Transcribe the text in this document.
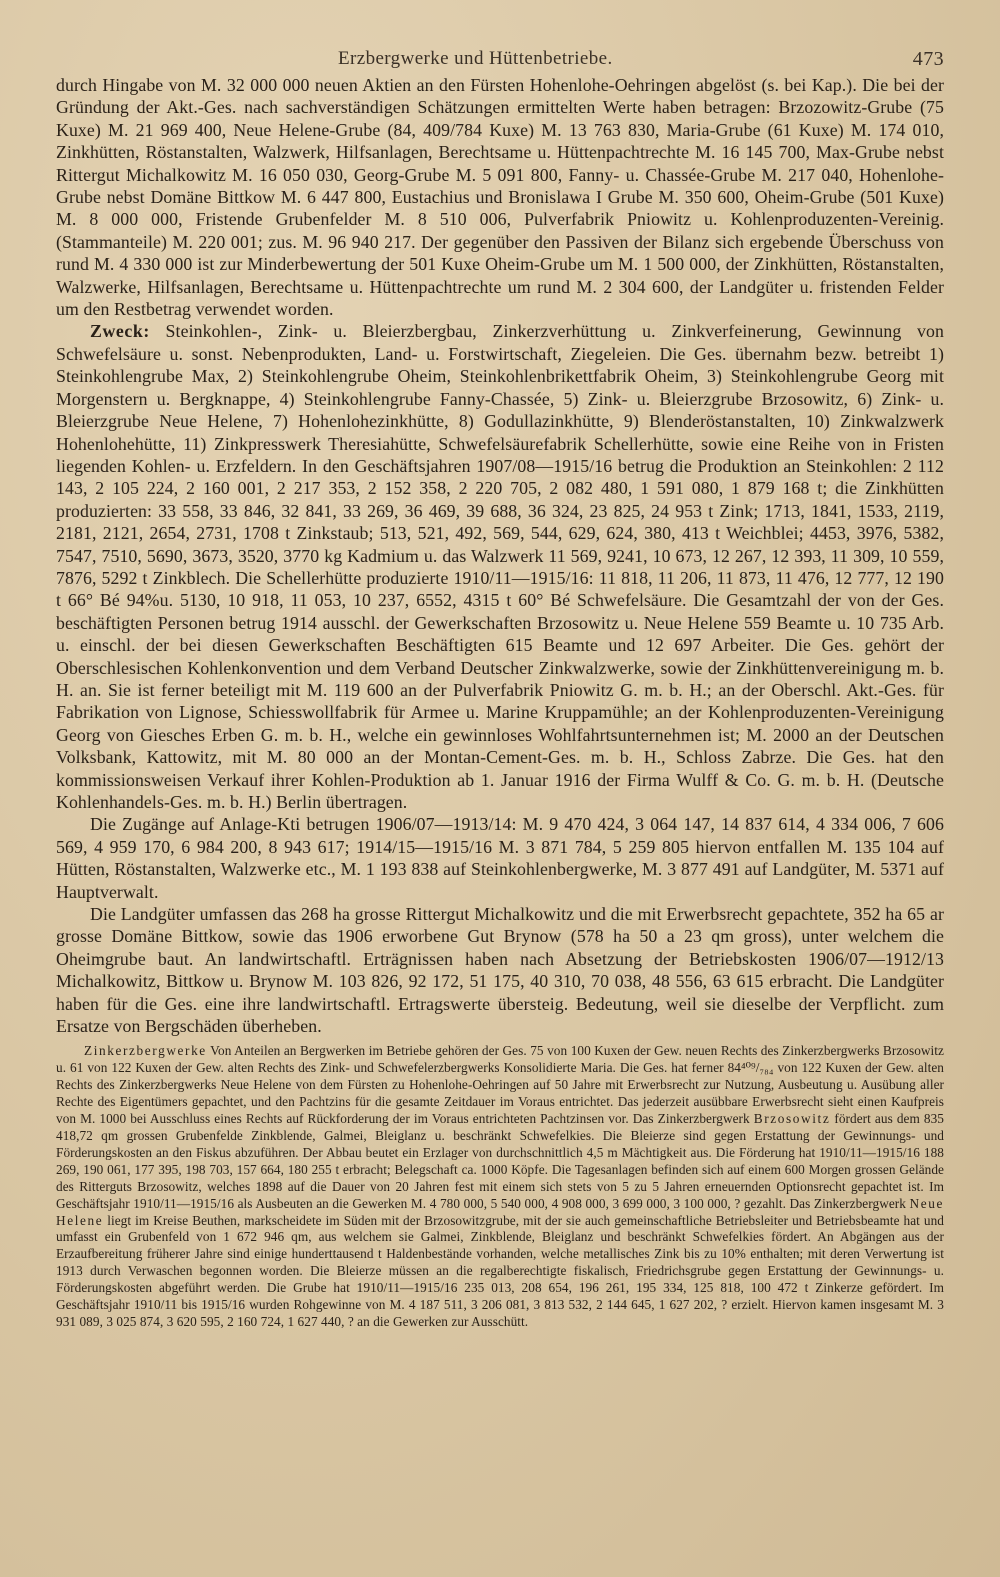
Erzbergwerke und Hüttenbetriebe.	473

durch Hingabe von M. 32 000 000 neuen Aktien an den Fürsten Hohenlohe-Oehringen abgelöst (s. bei Kap.). Die bei der Gründung der Akt.-Ges. nach sachverständigen Schätzungen ermittelten Werte haben betragen: Brzozowitz-Grube (75 Kuxe) M. 21 969 400, Neue Helene-Grube (84, 409/784 Kuxe) M. 13 763 830, Maria-Grube (61 Kuxe) M. 174 010, Zinkhütten, Röstanstalten, Walzwerk, Hilfsanlagen, Berechtsame u. Hüttenpachtrechte M. 16 145 700, Max-Grube nebst Rittergut Michalkowitz M. 16 050 030, Georg-Grube M. 5 091 800, Fanny- u. Chassée-Grube M. 217 040, Hohenlohe-Grube nebst Domäne Bittkow M. 6 447 800, Eustachius und Bronislawa I Grube M. 350 600, Oheim-Grube (501 Kuxe) M. 8 000 000, Fristende Grubenfelder M. 8 510 006, Pulverfabrik Pniowitz u. Kohlenproduzenten-Vereinig. (Stammanteile) M. 220 001; zus. M. 96 940 217. Der gegenüber den Passiven der Bilanz sich ergebende Überschuss von rund M. 4 330 000 ist zur Minderbewertung der 501 Kuxe Oheim-Grube um M. 1 500 000, der Zinkhütten, Röstanstalten, Walzwerke, Hilfsanlagen, Berechtsame u. Hüttenpachtrechte um rund M. 2 304 600, der Landgüter u. fristenden Felder um den Restbetrag verwendet worden.

Zweck: Steinkohlen-, Zink- u. Bleierzbergbau, Zinkerzverhüttung u. Zinkverfeinerung, Gewinnung von Schwefelsäure u. sonst. Nebenprodukten, Land- u. Forstwirtschaft, Ziegeleien. Die Ges. übernahm bezw. betreibt 1) Steinkohlengrube Max, 2) Steinkohlengrube Oheim, Steinkohlenbrikettfabrik Oheim, 3) Steinkohlengrube Georg mit Morgenstern u. Bergknappe, 4) Steinkohlengrube Fanny-Chassée, 5) Zink- u. Bleierzgrube Brzosowitz, 6) Zink- u. Bleierzgrube Neue Helene, 7) Hohenlohezinkhütte, 8) Godullazinkhütte, 9) Blenderöstanstalten, 10) Zinkwalzwerk Hohenlohehütte, 11) Zinkpresswerk Theresiahütte, Schwefelsäurefabrik Schellerhütte, sowie eine Reihe von in Fristen liegenden Kohlen- u. Erzfeldern. In den Geschäftsjahren 1907/08—1915/16 betrug die Produktion an Steinkohlen: 2 112 143, 2 105 224, 2 160 001, 2 217 353, 2 152 358, 2 220 705, 2 082 480, 1 591 080, 1 879 168 t; die Zinkhütten produzierten: 33 558, 33 846, 32 841, 33 269, 36 469, 39 688, 36 324, 23 825, 24 953 t Zink; 1713, 1841, 1533, 2119, 2181, 2121, 2654, 2731, 1708 t Zinkstaub; 513, 521, 492, 569, 544, 629, 624, 380, 413 t Weichblei; 4453, 3976, 5382, 7547, 7510, 5690, 3673, 3520, 3770 kg Kadmium u. das Walzwerk 11 569, 9241, 10 673, 12 267, 12 393, 11 309, 10 559, 7876, 5292 t Zinkblech. Die Schellerhütte produzierte 1910/11—1915/16: 11 818, 11 206, 11 873, 11 476, 12 777, 12 190 t 66° Bé 94%u. 5130, 10 918, 11 053, 10 237, 6552, 4315 t 60° Bé Schwefelsäure. Die Gesamtzahl der von der Ges. beschäftigten Personen betrug 1914 ausschl. der Gewerkschaften Brzosowitz u. Neue Helene 559 Beamte u. 10 735 Arb. u. einschl. der bei diesen Gewerkschaften Beschäftigten 615 Beamte und 12 697 Arbeiter. Die Ges. gehört der Oberschlesischen Kohlenkonvention und dem Verband Deutscher Zinkwalzwerke, sowie der Zinkhüttenvereinigung m. b. H. an. Sie ist ferner beteiligt mit M. 119 600 an der Pulverfabrik Pniowitz G. m. b. H.; an der Oberschl. Akt.-Ges. für Fabrikation von Lignose, Schiesswollfabrik für Armee u. Marine Kruppamühle; an der Kohlenproduzenten-Vereinigung Georg von Giesches Erben G. m. b. H., welche ein gewinnloses Wohlfahrtsunternehmen ist; M. 2000 an der Deutschen Volksbank, Kattowitz, mit M. 80 000 an der Montan-Cement-Ges. m. b. H., Schloss Zabrze. Die Ges. hat den kommissionsweisen Verkauf ihrer Kohlen-Produktion ab 1. Januar 1916 der Firma Wulff & Co. G. m. b. H. (Deutsche Kohlenhandels-Ges. m. b. H.) Berlin übertragen.

Die Zugänge auf Anlage-Kti betrugen 1906/07—1913/14: M. 9 470 424, 3 064 147, 14 837 614, 4 334 006, 7 606 569, 4 959 170, 6 984 200, 8 943 617; 1914/15—1915/16 M. 3 871 784, 5 259 805 hiervon entfallen M. 135 104 auf Hütten, Röstanstalten, Walzwerke etc., M. 1 193 838 auf Steinkohlenbergwerke, M. 3 877 491 auf Landgüter, M. 5371 auf Hauptverwalt.

Die Landgüter umfassen das 268 ha grosse Rittergut Michalkowitz und die mit Erwerbsrecht gepachtete, 352 ha 65 ar grosse Domäne Bittkow, sowie das 1906 erworbene Gut Brynow (578 ha 50 a 23 qm gross), unter welchem die Oheimgrube baut. An landwirtschaftl. Erträgnissen haben nach Absetzung der Betriebskosten 1906/07—1912/13 Michalkowitz, Bittkow u. Brynow M. 103 826, 92 172, 51 175, 40 310, 70 038, 48 556, 63 615 erbracht. Die Landgüter haben für die Ges. eine ihre landwirtschaftl. Ertragswerte übersteig. Bedeutung, weil sie dieselbe der Verpflicht. zum Ersatze von Bergschäden überheben.

Zinkerzbergwerke Von Anteilen an Bergwerken im Betriebe gehören der Ges. 75 von 100 Kuxen der Gew. neuen Rechts des Zinkerzbergwerks Brzosowitz u. 61 von 122 Kuxen der Gew. alten Rechts des Zink- und Schwefelerzbergwerks Konsolidierte Maria. Die Ges. hat ferner 84⁴⁰⁹/₇₈₄ von 122 Kuxen der Gew. alten Rechts des Zinkerzbergwerks Neue Helene von dem Fürsten zu Hohenlohe-Oehringen auf 50 Jahre mit Erwerbsrecht zur Nutzung, Ausbeutung u. Ausübung aller Rechte des Eigentümers gepachtet, und den Pachtzins für die gesamte Zeitdauer im Voraus entrichtet. Das jederzeit ausübbare Erwerbsrecht sieht einen Kaufpreis von M. 1000 bei Ausschluss eines Rechts auf Rückforderung der im Voraus entrichteten Pachtzinsen vor. Das Zinkerzbergwerk Brzosowitz fördert aus dem 835 418,72 qm grossen Grubenfelde Zinkblende, Galmei, Bleiglanz u. beschränkt Schwefelkies. Die Bleierze sind gegen Erstattung der Gewinnungs- und Förderungskosten an den Fiskus abzuführen. Der Abbau beutet ein Erzlager von durchschnittlich 4,5 m Mächtigkeit aus. Die Förderung hat 1910/11—1915/16 188 269, 190 061, 177 395, 198 703, 157 664, 180 255 t erbracht; Belegschaft ca. 1000 Köpfe. Die Tagesanlagen befinden sich auf einem 600 Morgen grossen Gelände des Ritterguts Brzosowitz, welches 1898 auf die Dauer von 20 Jahren fest mit einem sich stets von 5 zu 5 Jahren erneuernden Optionsrecht gepachtet ist. Im Geschäftsjahr 1910/11—1915/16 als Ausbeuten an die Gewerken M. 4 780 000, 5 540 000, 4 908 000, 3 699 000, 3 100 000, ? gezahlt. Das Zinkerzbergwerk Neue Helene liegt im Kreise Beuthen, markscheidete im Süden mit der Brzosowitzgrube, mit der sie auch gemeinschaftliche Betriebsleiter und Betriebsbeamte hat und umfasst ein Grubenfeld von 1 672 946 qm, aus welchem sie Galmei, Zinkblende, Bleiglanz und beschränkt Schwefelkies fördert. An Abgängen aus der Erzaufbereitung früherer Jahre sind einige hunderttausend t Haldenbestände vorhanden, welche metallisches Zink bis zu 10% enthalten; mit deren Verwertung ist 1913 durch Verwaschen begonnen worden. Die Bleierze müssen an die regalberechtigte fiskalisch, Friedrichsgrube gegen Erstattung der Gewinnungs- u. Förderungskosten abgeführt werden. Die Grube hat 1910/11—1915/16 235 013, 208 654, 196 261, 195 334, 125 818, 100 472 t Zinkerze gefördert. Im Geschäftsjahr 1910/11 bis 1915/16 wurden Rohgewinne von M. 4 187 511, 3 206 081, 3 813 532, 2 144 645, 1 627 202, ? erzielt. Hiervon kamen insgesamt M. 3 931 089, 3 025 874, 3 620 595, 2 160 724, 1 627 440, ? an die Gewerken zur Ausschütt.
